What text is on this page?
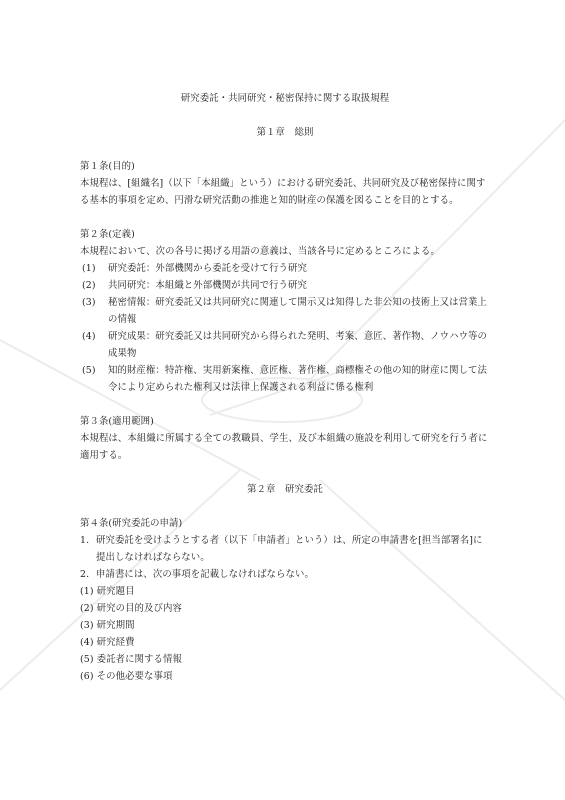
研究委託・共同研究・秘密保持に関する取扱規程
第１章　総則

第１条(目的)

本規程は、[組織名]（以下「本組織」という）における研究委託、共同研究及び秘密保持に関する基本的事項を定め、円滑な研究活動の推進と知的財産の保護を図ることを目的とする。

第２条(定義)

本規程において、次の各号に掲げる用語の意義は、当該各号に定めるところによる。

(1)	研究委託：外部機関から委託を受けて行う研究
(2)	共同研究：本組織と外部機関が共同で行う研究
(3)	秘密情報：研究委託又は共同研究に関連して開示又は知得した非公知の技術上又は営業上の情報
(4)	研究成果：研究委託又は共同研究から得られた発明、考案、意匠、著作物、ノウハウ等の成果物
(5)	知的財産権：特許権、実用新案権、意匠権、著作権、商標権その他の知的財産に関して法令により定められた権利又は法律上保護される利益に係る権利

第３条(適用範囲)

本規程は、本組織に所属する全ての教職員、学生、及び本組織の施設を利用して研究を行う者に適用する。

第２章　研究委託

第４条(研究委託の申請)

1. 研究委託を受けようとする者（以下「申請者」という）は、所定の申請書を[担当部署名]に提出しなければならない。
2. 申請書には、次の事項を記載しなければならない。

(1) 研究題目

(2) 研究の目的及び内容

(3) 研究期間

(4) 研究経費

(5) 委託者に関する情報

(6) その他必要な事項
